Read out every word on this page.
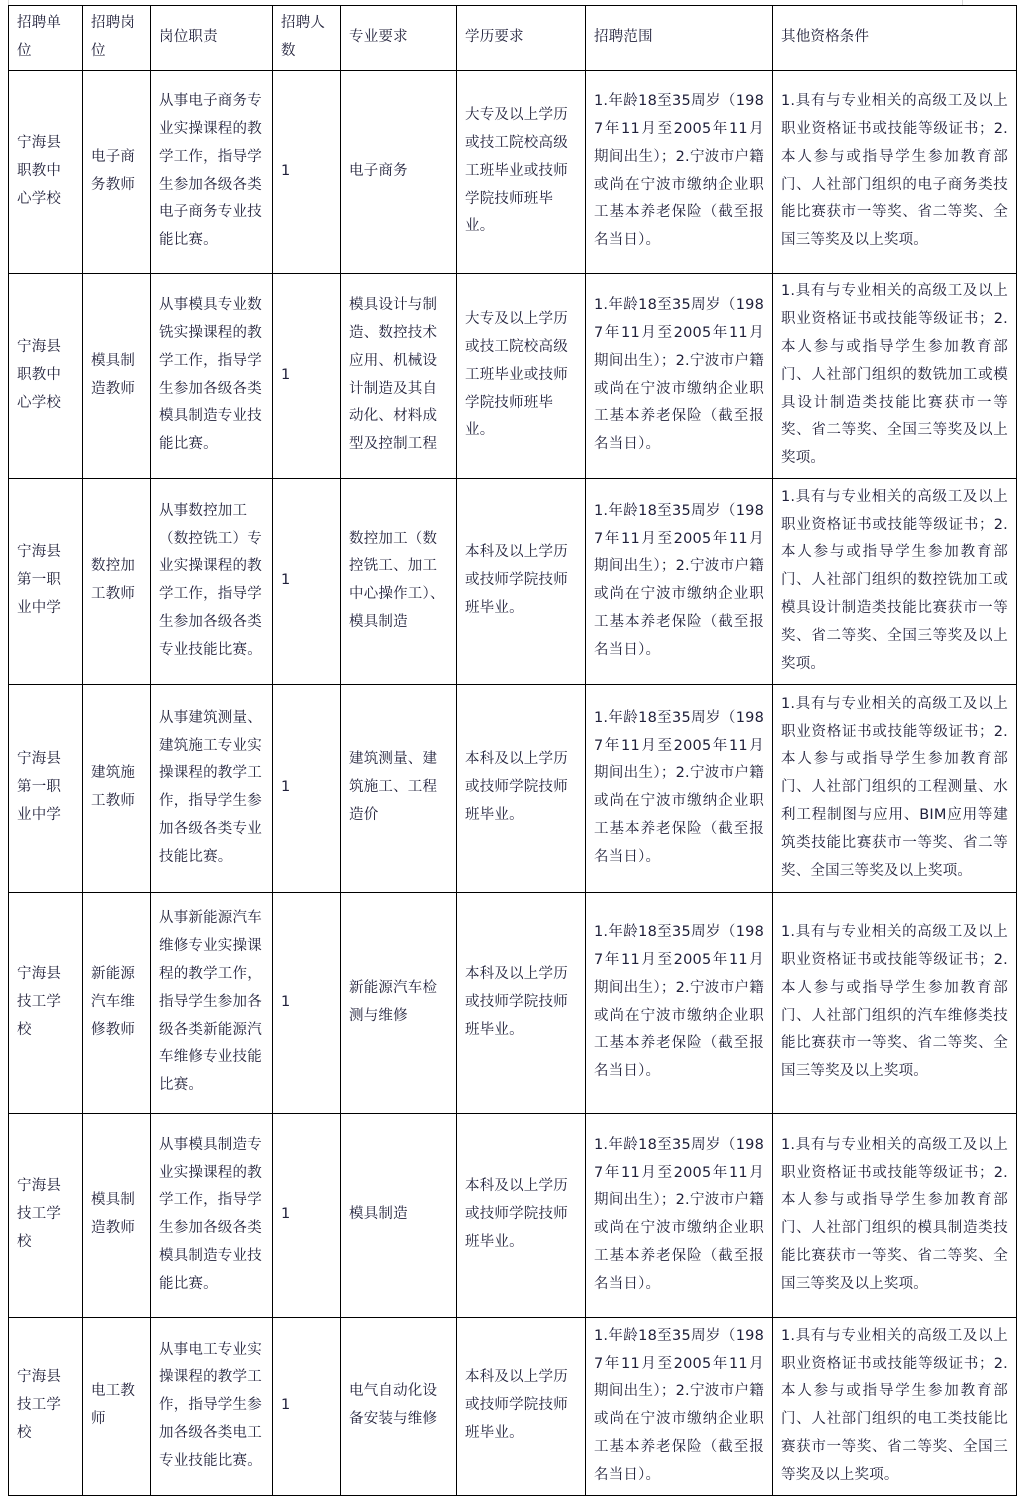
招聘单位	招聘岗位	岗位职责	招聘人数	专业要求	学历要求	招聘范围	其他资格条件

宁海县职教中心学校	电子商务教师	从事电子商务专业实操课程的教学工作，指导学生参加各级各类电子商务专业技能比赛。	1	电子商务	大专及以上学历或技工院校高级工班毕业或技师学院技师班毕业。	1.年龄18至35周岁（1987年11月至2005年11月期间出生）；2.宁波市户籍或尚在宁波市缴纳企业职工基本养老保险（截至报名当日）。	1.具有与专业相关的高级工及以上职业资格证书或技能等级证书；2.本人参与或指导学生参加教育部门、人社部门组织的电子商务类技能比赛获市一等奖、省二等奖、全国三等奖及以上奖项。

宁海县职教中心学校	模具制造教师	从事模具专业数铣实操课程的教学工作，指导学生参加各级各类模具制造专业技能比赛。	1	模具设计与制造、数控技术应用、机械设计制造及其自动化、材料成型及控制工程	大专及以上学历或技工院校高级工班毕业或技师学院技师班毕业。	1.年龄18至35周岁（1987年11月至2005年11月期间出生）；2.宁波市户籍或尚在宁波市缴纳企业职工基本养老保险（截至报名当日）。	1.具有与专业相关的高级工及以上职业资格证书或技能等级证书；2.本人参与或指导学生参加教育部门、人社部门组织的数铣加工或模具设计制造类技能比赛获市一等奖、省二等奖、全国三等奖及以上奖项。

宁海县第一职业中学	数控加工教师	从事数控加工（数控铣工）专业实操课程的教学工作，指导学生参加各级各类专业技能比赛。	1	数控加工（数控铣工、加工中心操作工）、模具制造	本科及以上学历或技师学院技师班毕业。	1.年龄18至35周岁（1987年11月至2005年11月期间出生）；2.宁波市户籍或尚在宁波市缴纳企业职工基本养老保险（截至报名当日）。	1.具有与专业相关的高级工及以上职业资格证书或技能等级证书；2.本人参与或指导学生参加教育部门、人社部门组织的数控铣加工或模具设计制造类技能比赛获市一等奖、省二等奖、全国三等奖及以上奖项。

宁海县第一职业中学	建筑施工教师	从事建筑测量、建筑施工专业实操课程的教学工作，指导学生参加各级各类专业技能比赛。	1	建筑测量、建筑施工、工程造价	本科及以上学历或技师学院技师班毕业。	1.年龄18至35周岁（1987年11月至2005年11月期间出生）；2.宁波市户籍或尚在宁波市缴纳企业职工基本养老保险（截至报名当日）。	1.具有与专业相关的高级工及以上职业资格证书或技能等级证书；2.本人参与或指导学生参加教育部门、人社部门组织的工程测量、水利工程制图与应用、BIM应用等建筑类技能比赛获市一等奖、省二等奖、全国三等奖及以上奖项。

宁海县技工学校	新能源汽车维修教师	从事新能源汽车维修专业实操课程的教学工作，指导学生参加各级各类新能源汽车维修专业技能比赛。	1	新能源汽车检测与维修	本科及以上学历或技师学院技师班毕业。	1.年龄18至35周岁（1987年11月至2005年11月期间出生）；2.宁波市户籍或尚在宁波市缴纳企业职工基本养老保险（截至报名当日）。	1.具有与专业相关的高级工及以上职业资格证书或技能等级证书；2.本人参与或指导学生参加教育部门、人社部门组织的汽车维修类技能比赛获市一等奖、省二等奖、全国三等奖及以上奖项。

宁海县技工学校	模具制造教师	从事模具制造专业实操课程的教学工作，指导学生参加各级各类模具制造专业技能比赛。	1	模具制造	本科及以上学历或技师学院技师班毕业。	1.年龄18至35周岁（1987年11月至2005年11月期间出生）；2.宁波市户籍或尚在宁波市缴纳企业职工基本养老保险（截至报名当日）。	1.具有与专业相关的高级工及以上职业资格证书或技能等级证书；2.本人参与或指导学生参加教育部门、人社部门组织的模具制造类技能比赛获市一等奖、省二等奖、全国三等奖及以上奖项。

宁海县技工学校	电工教师	从事电工专业实操课程的教学工作，指导学生参加各级各类电工专业技能比赛。	1	电气自动化设备安装与维修	本科及以上学历或技师学院技师班毕业。	1.年龄18至35周岁（1987年11月至2005年11月期间出生）；2.宁波市户籍或尚在宁波市缴纳企业职工基本养老保险（截至报名当日）。	1.具有与专业相关的高级工及以上职业资格证书或技能等级证书；2.本人参与或指导学生参加教育部门、人社部门组织的电工类技能比赛获市一等奖、省二等奖、全国三等奖及以上奖项。
